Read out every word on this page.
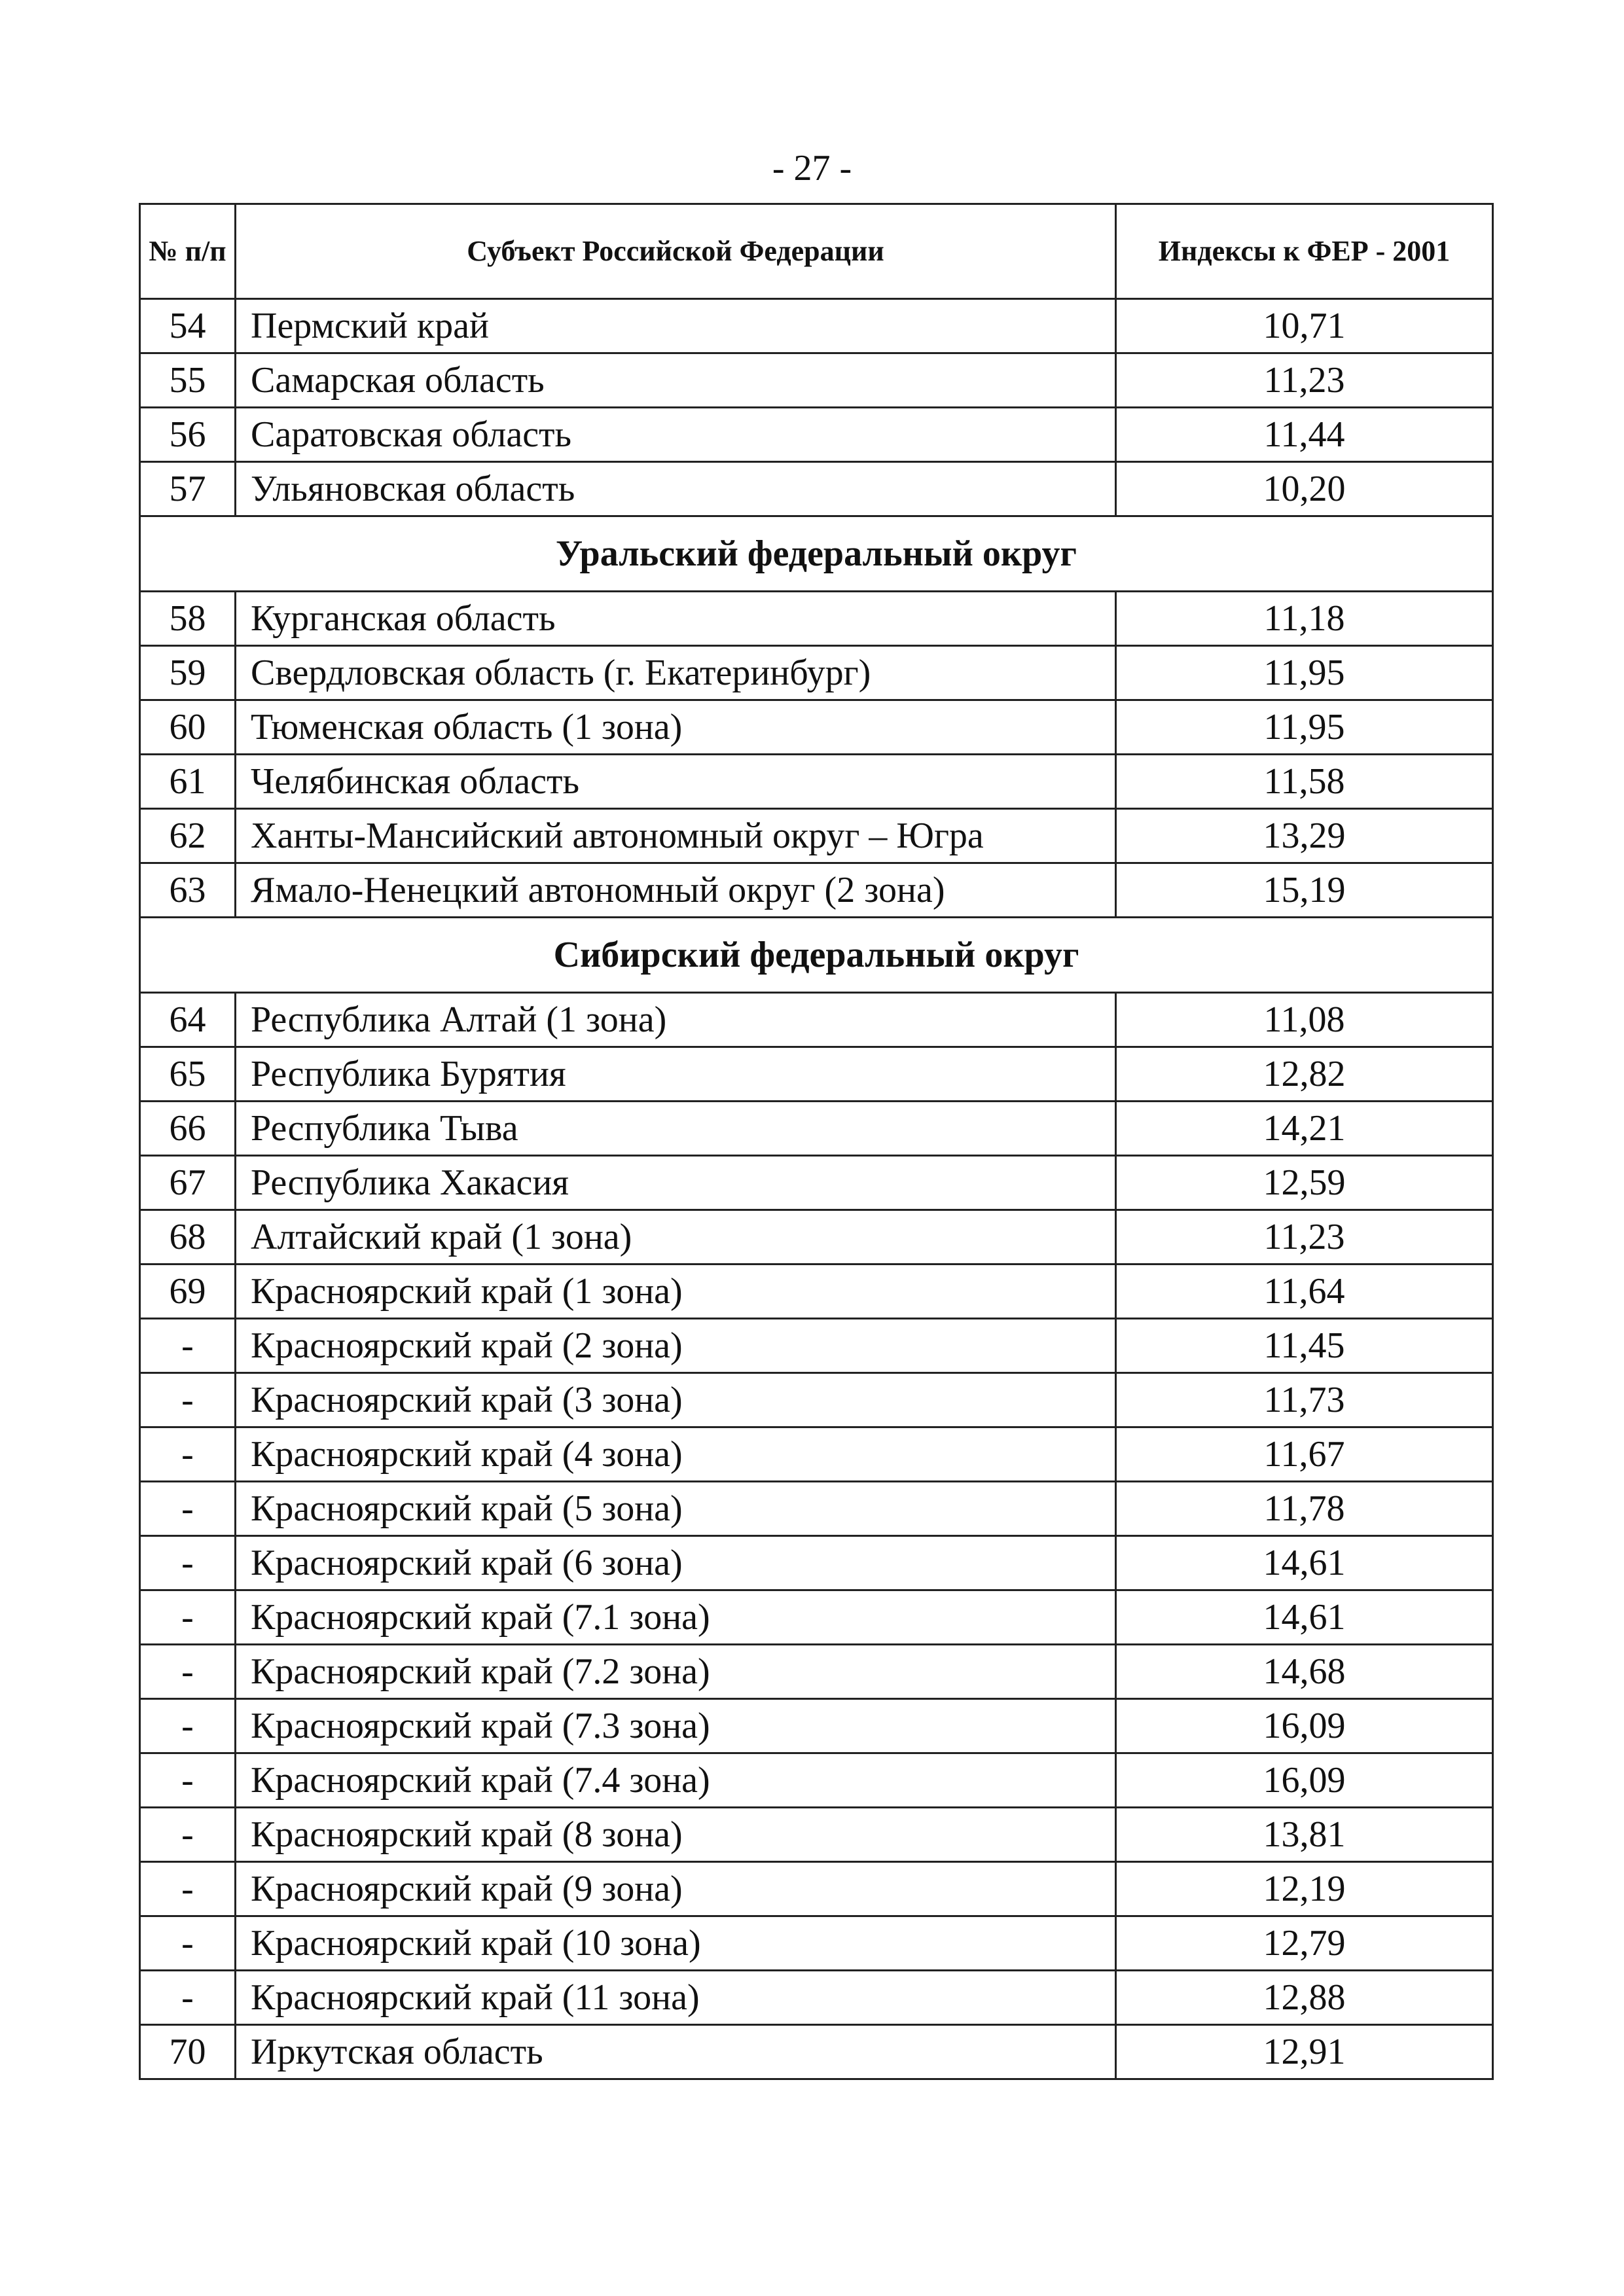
- 27 -
№ п/п	Субъект Российской Федерации	Индексы к ФЕР - 2001
54	Пермский край	10,71
55	Самарская область	11,23
56	Саратовская область	11,44
57	Ульяновская область	10,20
Уральский федеральный округ		
58	Курганская область	11,18
59	Свердловская область (г. Екатеринбург)	11,95
60	Тюменская область (1 зона)	11,95
61	Челябинская область	11,58
62	Ханты-Мансийский автономный округ – Югра	13,29
63	Ямало-Ненецкий автономный округ (2 зона)	15,19
Сибирский федеральный округ		
64	Республика Алтай (1 зона)	11,08
65	Республика Бурятия	12,82
66	Республика Тыва	14,21
67	Республика Хакасия	12,59
68	Алтайский край (1 зона)	11,23
69	Красноярский край (1 зона)	11,64
-	Красноярский край (2 зона)	11,45
-	Красноярский край (3 зона)	11,73
-	Красноярский край (4 зона)	11,67
-	Красноярский край (5 зона)	11,78
-	Красноярский край (6 зона)	14,61
-	Красноярский край (7.1 зона)	14,61
-	Красноярский край (7.2 зона)	14,68
-	Красноярский край (7.3 зона)	16,09
-	Красноярский край (7.4 зона)	16,09
-	Красноярский край (8 зона)	13,81
-	Красноярский край (9 зона)	12,19
-	Красноярский край (10 зона)	12,79
-	Красноярский край (11 зона)	12,88
70	Иркутская область	12,91
